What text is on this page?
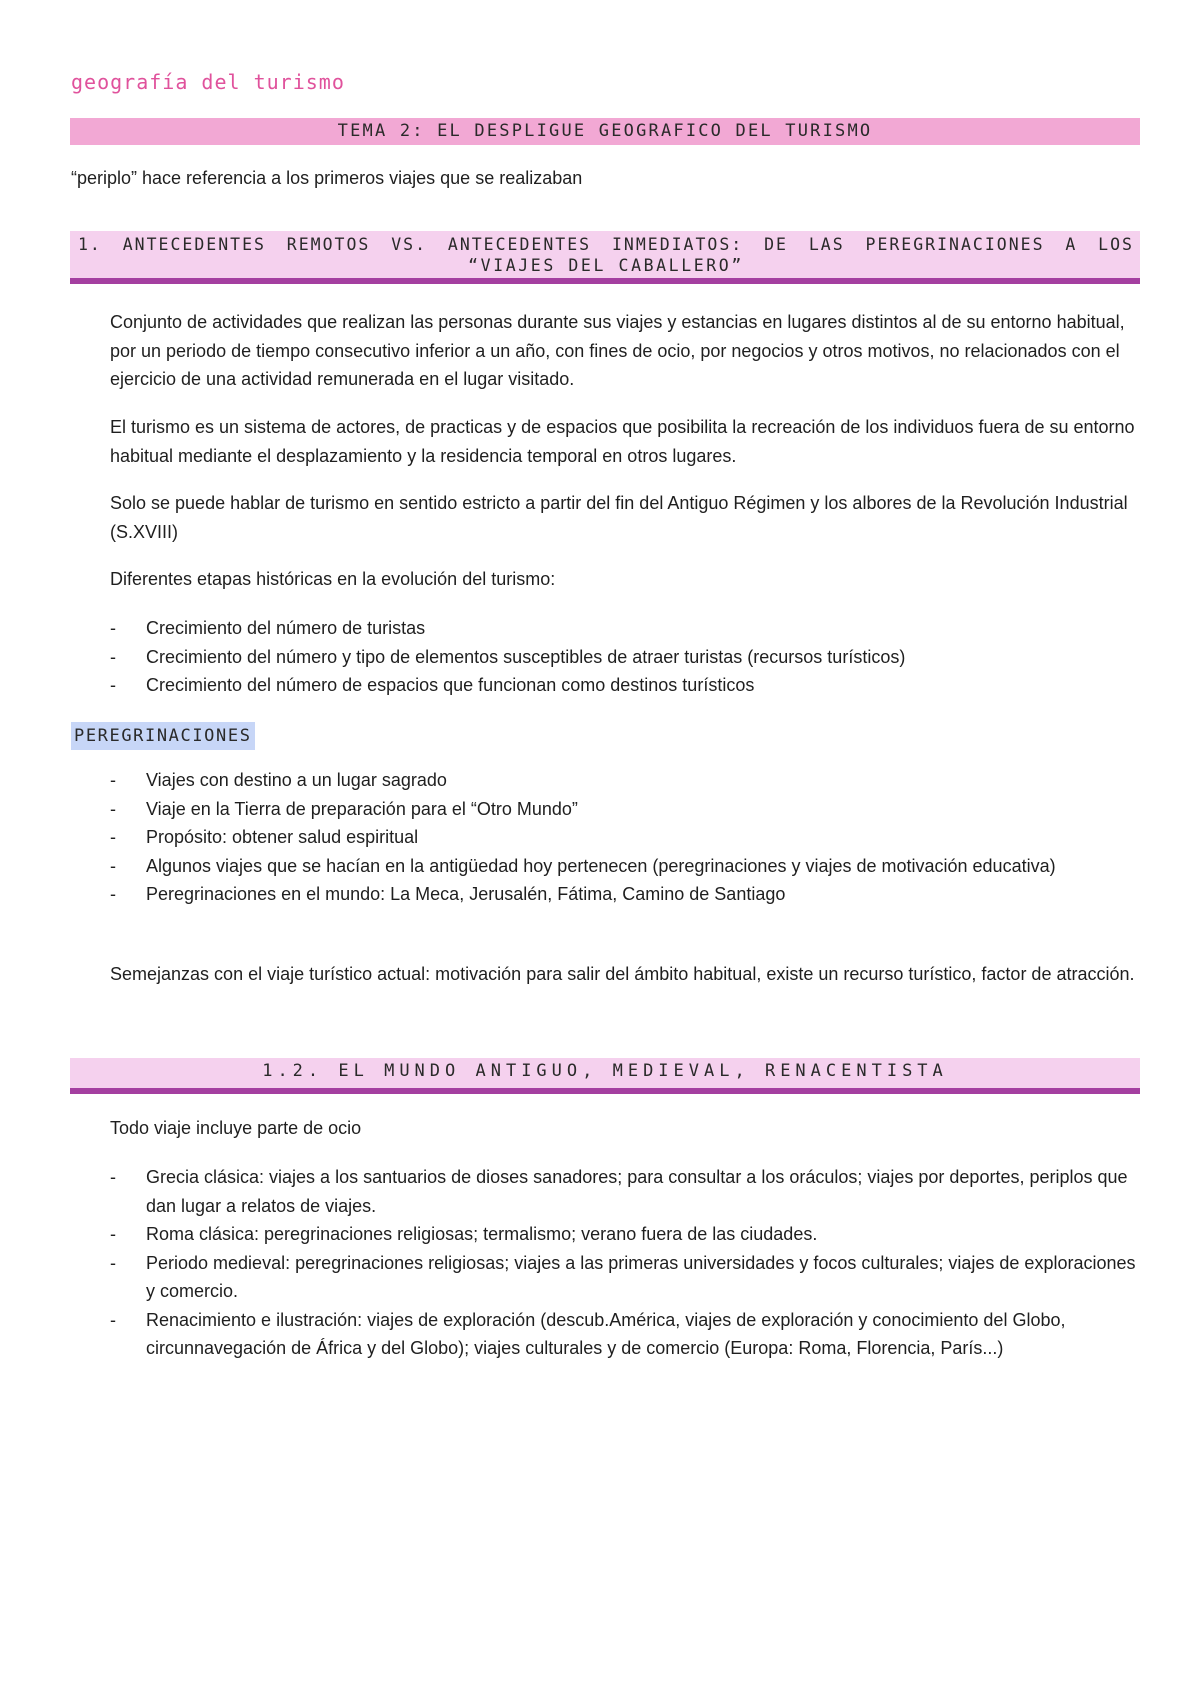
geografía del turismo
TEMA 2: EL DESPLIGUE GEOGRAFICO DEL TURISMO
“periplo” hace referencia a los primeros viajes que se realizaban
1. ANTECEDENTES REMOTOS VS. ANTECEDENTES INMEDIATOS: DE LAS PEREGRINACIONES A LOS
“VIAJES DEL CABALLERO”
Conjunto de actividades que realizan las personas durante sus viajes y estancias en lugares distintos al de su entorno habitual, por un periodo de tiempo consecutivo inferior a un año, con fines de ocio, por negocios y otros motivos, no relacionados con el ejercicio de una actividad remunerada en el lugar visitado.
El turismo es un sistema de actores, de practicas y de espacios que posibilita la recreación de los individuos fuera de su entorno habitual mediante el desplazamiento y la residencia temporal en otros lugares.
Solo se puede hablar de turismo en sentido estricto a partir del fin del Antiguo Régimen y los albores de la Revolución Industrial (S.XVIII)
Diferentes etapas históricas en la evolución del turismo:
- Crecimiento del número de turistas
- Crecimiento del número y tipo de elementos susceptibles de atraer turistas (recursos turísticos)
- Crecimiento del número de espacios que funcionan como destinos turísticos
PEREGRINACIONES
- Viajes con destino a un lugar sagrado
- Viaje en la Tierra de preparación para el “Otro Mundo”
- Propósito: obtener salud espiritual
- Algunos viajes que se hacían en la antigüedad hoy pertenecen (peregrinaciones y viajes de motivación educativa)
- Peregrinaciones en el mundo: La Meca, Jerusalén, Fátima, Camino de Santiago
Semejanzas con el viaje turístico actual: motivación para salir del ámbito habitual, existe un recurso turístico, factor de atracción.
1.2. EL MUNDO ANTIGUO, MEDIEVAL, RENACENTISTA
Todo viaje incluye parte de ocio
- Grecia clásica: viajes a los santuarios de dioses sanadores; para consultar a los oráculos; viajes por deportes, periplos que dan lugar a relatos de viajes.
- Roma clásica: peregrinaciones religiosas; termalismo; verano fuera de las ciudades.
- Periodo medieval: peregrinaciones religiosas; viajes a las primeras universidades y focos culturales; viajes de exploraciones y comercio.
- Renacimiento e ilustración: viajes de exploración (descub.América, viajes de exploración y conocimiento del Globo, circunnavegación de África y del Globo); viajes culturales y de comercio (Europa: Roma, Florencia, París...)
